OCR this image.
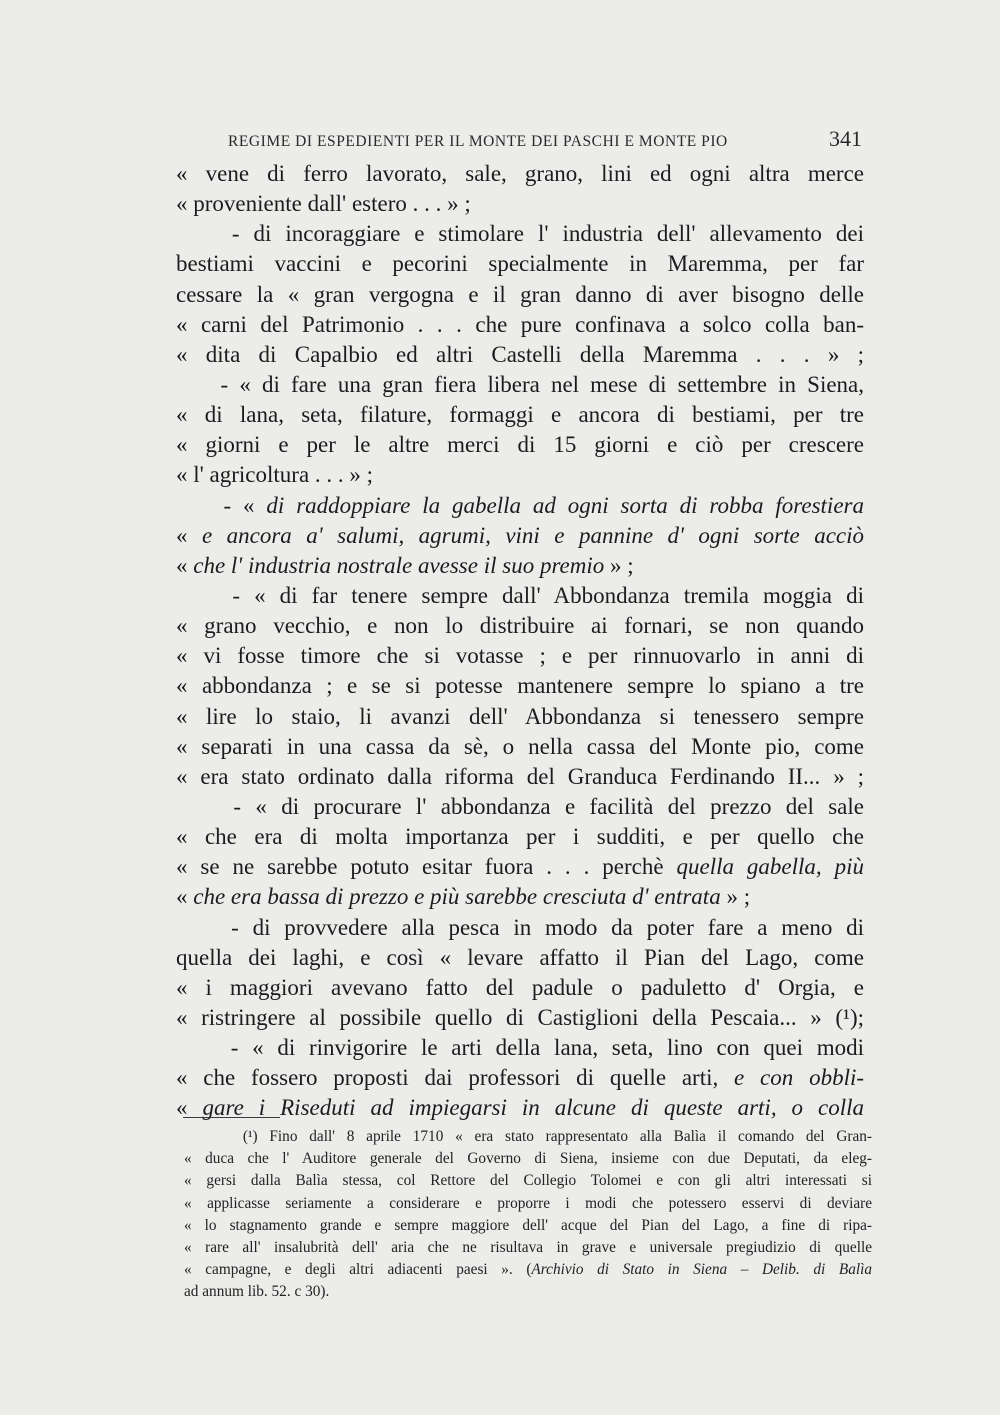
REGIME DI ESPEDIENTI PER IL MONTE DEI PASCHI E MONTE PIO	341
« vene di ferro lavorato, sale, grano, lini ed ogni altra merce
« proveniente dall' estero . . . » ;
- di incoraggiare e stimolare l' industria dell' allevamento dei
bestiami vaccini e pecorini specialmente in Maremma, per far
cessare la « gran vergogna e il gran danno di aver bisogno delle
« carni del Patrimonio . . . che pure confinava a solco colla ban-
« dita di Capalbio ed altri Castelli della Maremma . . . » ;
- « di fare una gran fiera libera nel mese di settembre in Siena,
« di lana, seta, filature, formaggi e ancora di bestiami, per tre
« giorni e per le altre merci di 15 giorni e ciò per crescere
« l' agricoltura . . . » ;
- « di raddoppiare la gabella ad ogni sorta di robba forestiera
« e ancora a' salumi, agrumi, vini e pannine d' ogni sorte acciò
« che l' industria nostrale avesse il suo premio » ;
- « di far tenere sempre dall' Abbondanza tremila moggia di
« grano vecchio, e non lo distribuire ai fornari, se non quando
« vi fosse timore che si votasse ; e per rinnuovarlo in anni di
« abbondanza ; e se si potesse mantenere sempre lo spiano a tre
« lire lo staio, li avanzi dell' Abbondanza si tenessero sempre
« separati in una cassa da sè, o nella cassa del Monte pio, come
« era stato ordinato dalla riforma del Granduca Ferdinando II... » ;
- « di procurare l' abbondanza e facilità del prezzo del sale
« che era di molta importanza per i sudditi, e per quello che
« se ne sarebbe potuto esitar fuora . . . perchè quella gabella, più
« che era bassa di prezzo e più sarebbe cresciuta d' entrata » ;
- di provvedere alla pesca in modo da poter fare a meno di
quella dei laghi, e così « levare affatto il Pian del Lago, come
« i maggiori avevano fatto del padule o paduletto d' Orgia, e
« ristringere al possibile quello di Castiglioni della Pescaia... » (¹);
- « di rinvigorire le arti della lana, seta, lino con quei modi
« che fossero proposti dai professori di quelle arti, e con obbli-
« gare i Riseduti ad impiegarsi in alcune di queste arti, o colla
(¹) Fino dall' 8 aprile 1710 « era stato rappresentato alla Balìa il comando del Gran-
« duca che l' Auditore generale del Governo di Siena, insieme con due Deputati, da eleg-
« gersi dalla Balìa stessa, col Rettore del Collegio Tolomei e con gli altri interessati si
« applicasse seriamente a considerare e proporre i modi che potessero esservi di deviare
« lo stagnamento grande e sempre maggiore dell' acque del Pian del Lago, a fine di ripa-
« rare all' insalubrità dell' aria che ne risultava in grave e universale pregiudizio di quelle
« campagne, e degli altri adiacenti paesi ». (Archivio di Stato in Siena – Delib. di Balìa
ad annum lib. 52. c 30).
